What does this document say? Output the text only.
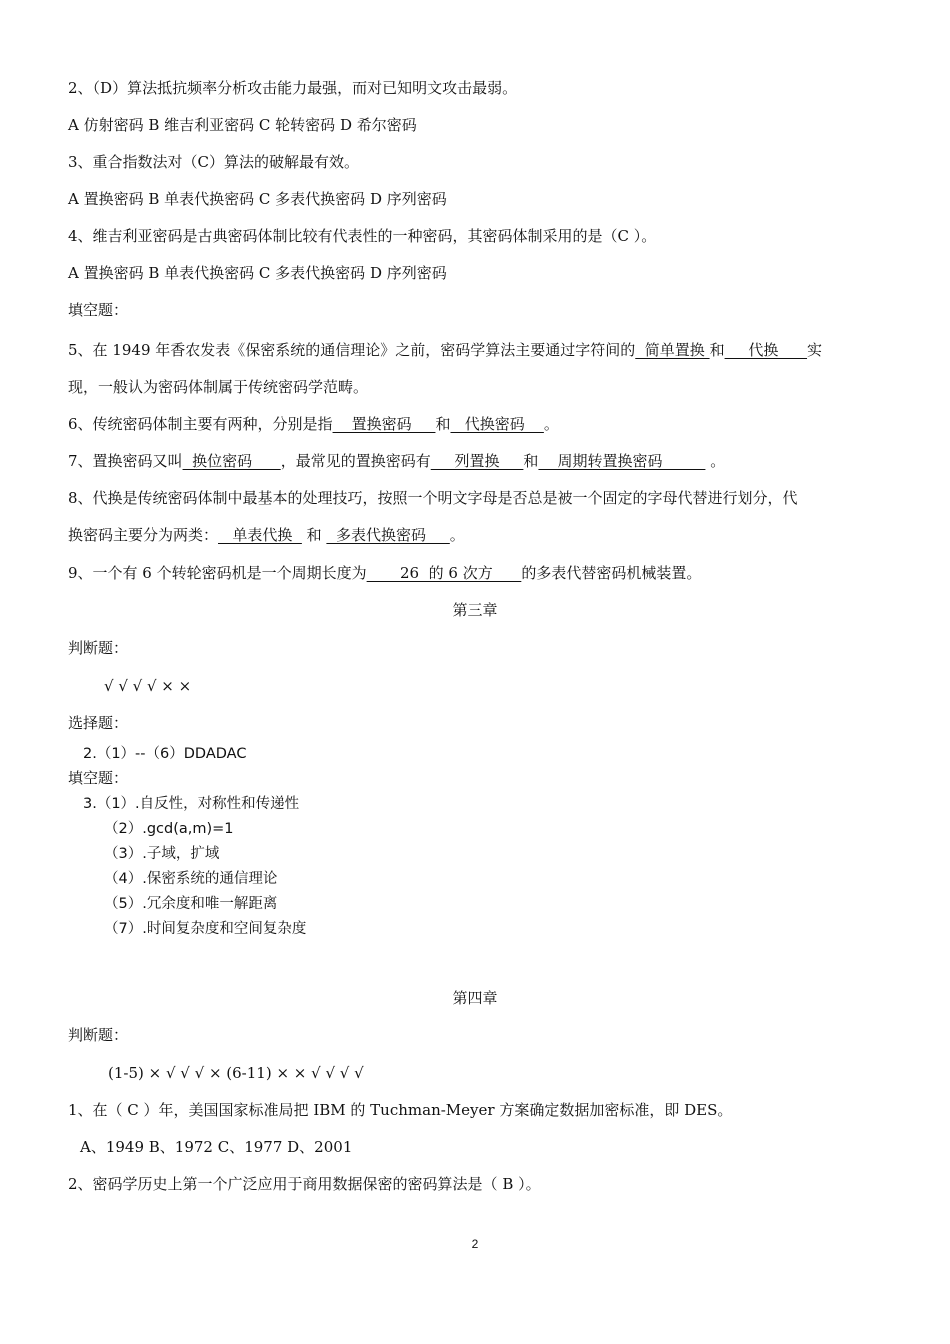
2、（D）算法抵抗频率分析攻击能力最强，而对已知明文攻击最弱。
A 仿射密码 B 维吉利亚密码 C 轮转密码 D 希尔密码
3、重合指数法对（C）算法的破解最有效。
A 置换密码 B 单表代换密码 C 多表代换密码 D 序列密码
4、维吉利亚密码是古典密码体制比较有代表性的一种密码，其密码体制采用的是（C ）。
A 置换密码 B 单表代换密码 C 多表代换密码 D 序列密码
填空题：
5、在 1949 年香农发表《保密系统的通信理论》之前，密码学算法主要通过字符间的  简单置换 和     代换      实
现，一般认为密码体制属于传统密码学范畴。
6、传统密码体制主要有两种，分别是指    置换密码     和   代换密码    。
7、置换密码又叫  换位密码      ，最常见的置换密码有     列置换     和    周期转置换密码          。
8、代换是传统密码体制中最基本的处理技巧，按照一个明文字母是否总是被一个固定的字母代替进行划分，代
换密码主要分为两类：   单表代换   和   多表代换密码     。
9、一个有 6 个转轮密码机是一个周期长度为       26  的 6 次方      的多表代替密码机械装置。
第三章
判断题：
√ √ √ √ × ×
选择题：
2.（1）--（6）DDADAC
填空题：
3.（1）.自反性，对称性和传递性
（2）.gcd(a,m)=1
（3）.子域，扩域
（4）.保密系统的通信理论
（5）.冗余度和唯一解距离
（7）.时间复杂度和空间复杂度
第四章
判断题：
(1-5) × √ √ √ × (6-11) × × √ √ √ √
1、在（ C ）年，美国国家标准局把 IBM 的 Tuchman-Meyer 方案确定数据加密标准，即 DES。
A、1949 B、1972 C、1977 D、2001
2、密码学历史上第一个广泛应用于商用数据保密的密码算法是（ B ）。
2
